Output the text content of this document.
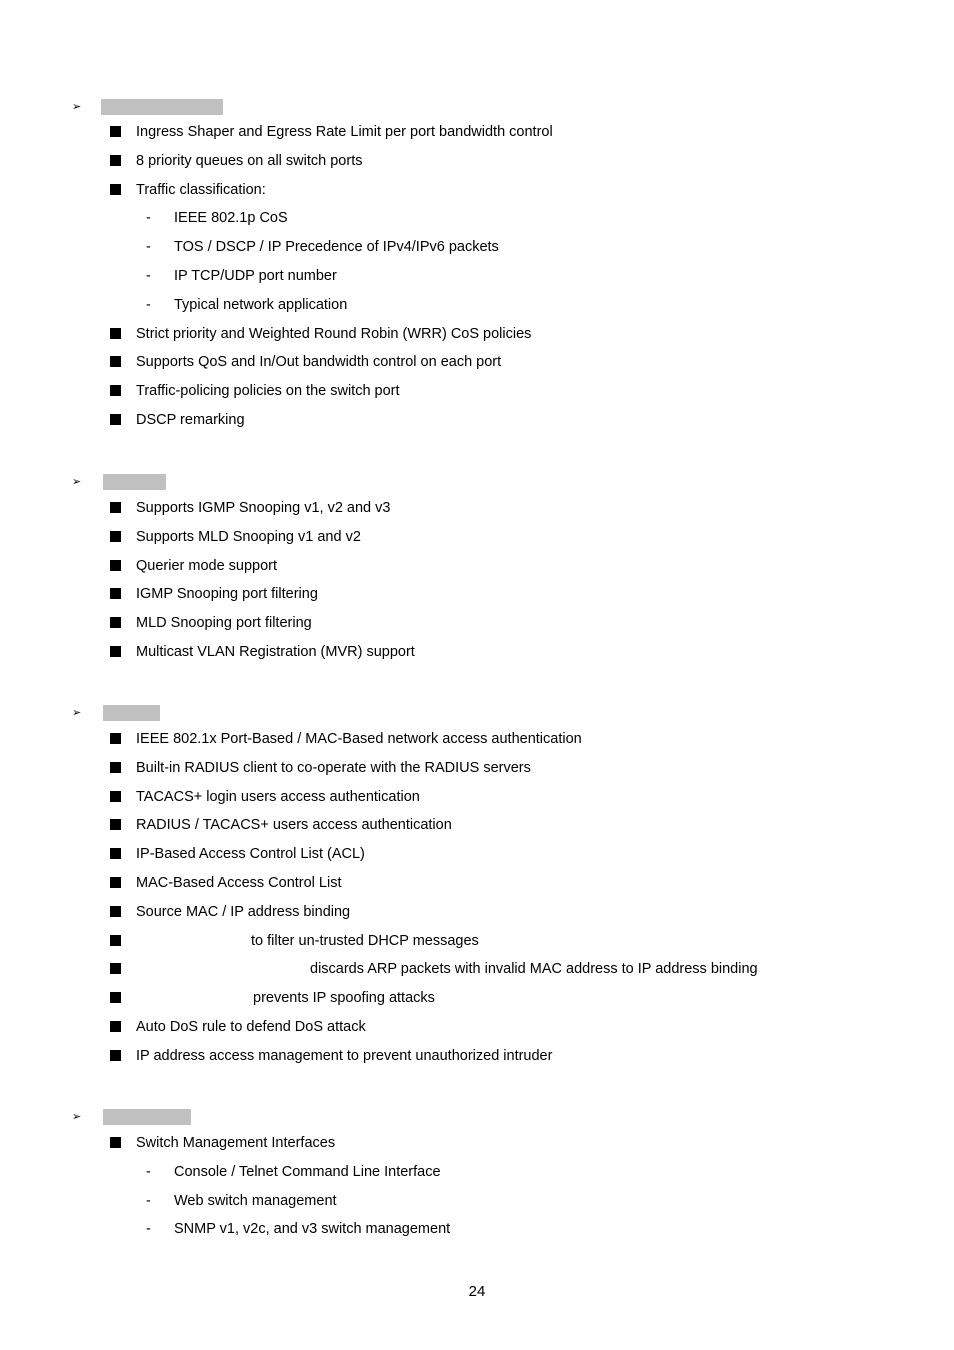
➢
Ingress Shaper and Egress Rate Limit per port bandwidth control
8 priority queues on all switch ports
Traffic classification:
- IEEE 802.1p CoS
- TOS / DSCP / IP Precedence of IPv4/IPv6 packets
- IP TCP/UDP port number
- Typical network application
Strict priority and Weighted Round Robin (WRR) CoS policies
Supports QoS and In/Out bandwidth control on each port
Traffic-policing policies on the switch port
DSCP remarking
➢
Supports IGMP Snooping v1, v2 and v3
Supports MLD Snooping v1 and v2
Querier mode support
IGMP Snooping port filtering
MLD Snooping port filtering
Multicast VLAN Registration (MVR) support
➢
IEEE 802.1x Port-Based / MAC-Based network access authentication
Built-in RADIUS client to co-operate with the RADIUS servers
TACACS+ login users access authentication
RADIUS / TACACS+ users access authentication
IP-Based Access Control List (ACL)
MAC-Based Access Control List
Source MAC / IP address binding
to filter un-trusted DHCP messages
discards ARP packets with invalid MAC address to IP address binding
prevents IP spoofing attacks
Auto DoS rule to defend DoS attack
IP address access management to prevent unauthorized intruder
➢
Switch Management Interfaces
- Console / Telnet Command Line Interface
- Web switch management
- SNMP v1, v2c, and v3 switch management
24
